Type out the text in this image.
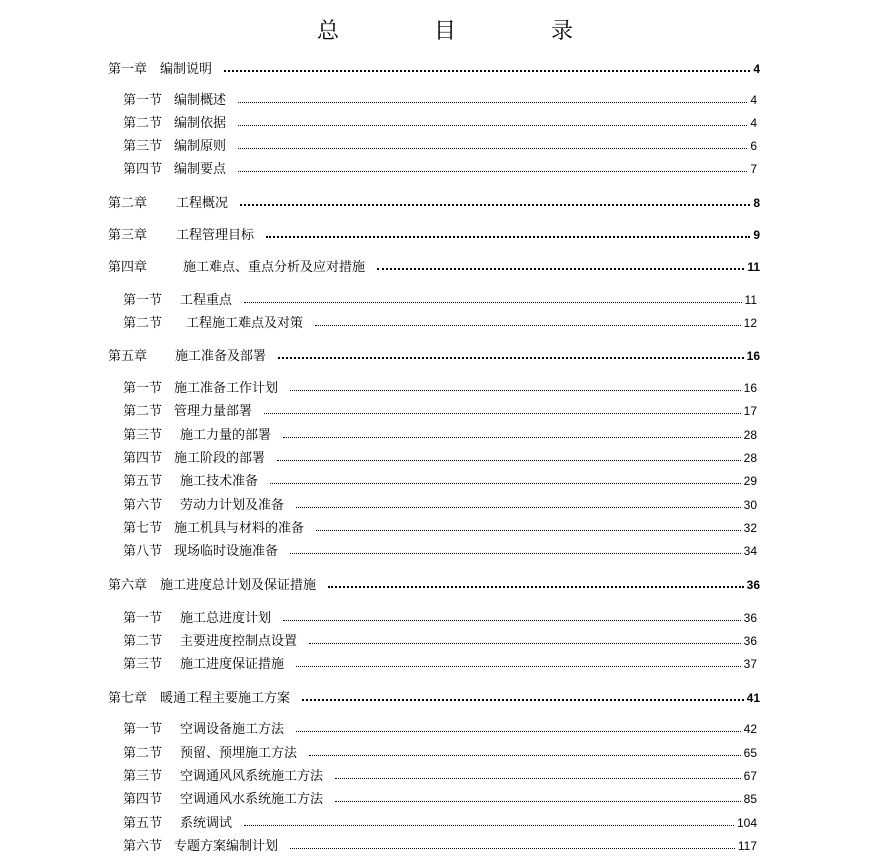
总 目 录
第一章 编制说明	4
第一节 编制概述	4
第二节 编制依据	4
第三节 编制原则	6
第四节 编制要点	7
第二章	工程概况	8
第三章	工程管理目标	9
第四章	施工难点、重点分析及应对措施	11
第一节	工程重点	11
第二节	工程施工难点及对策	12
第五章	施工准备及部署	16
第一节 施工准备工作计划	16
第二节 管理力量部署	17
第三节	施工力量的部署	28
第四节 施工阶段的部署	28
第五节	施工技术准备	29
第六节	劳动力计划及准备	30
第七节 施工机具与材料的准备	32
第八节 现场临时设施准备	34
第六章 施工进度总计划及保证措施	36
第一节	施工总进度计划	36
第二节	主要进度控制点设置	36
第三节	施工进度保证措施	37
第七章 暖通工程主要施工方案	41
第一节	空调设备施工方法	42
第二节	预留、预埋施工方法	65
第三节	空调通风风系统施工方法	67
第四节	空调通风水系统施工方法	85
第五节	系统调试	104
第六节 专题方案编制计划	117
